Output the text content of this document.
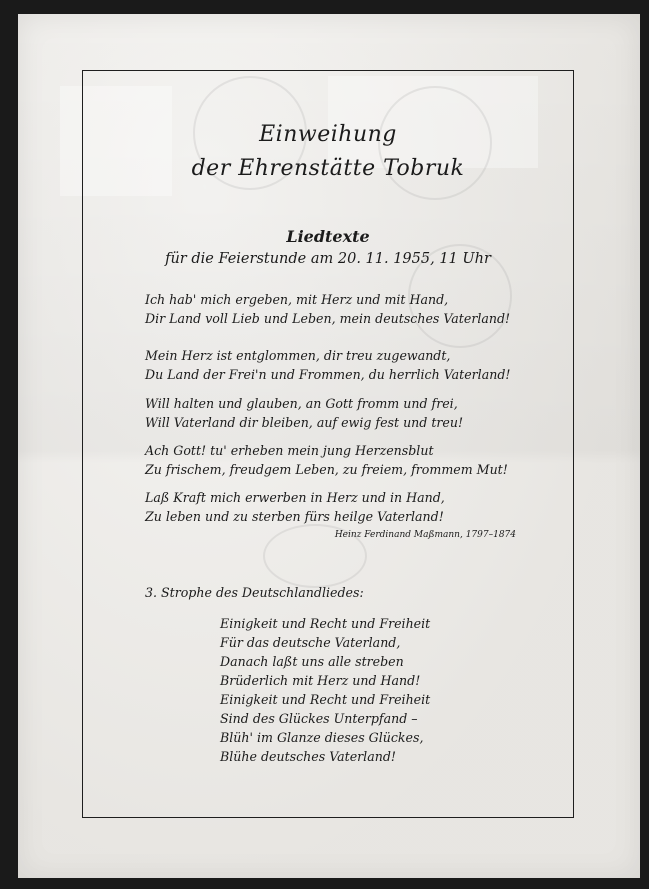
Einweihung
der Ehrenstätte Tobruk
Liedtexte
für die Feierstunde am 20. 11. 1955, 11 Uhr
Ich hab' mich ergeben, mit Herz und mit Hand,
Dir Land voll Lieb und Leben, mein deutsches Vaterland!
Mein Herz ist entglommen, dir treu zugewandt,
Du Land der Frei'n und Frommen, du herrlich Vaterland!
Will halten und glauben, an Gott fromm und frei,
Will Vaterland dir bleiben, auf ewig fest und treu!
Ach Gott! tu' erheben mein jung Herzensblut
Zu frischem, freudgem Leben, zu freiem, frommem Mut!
Laß Kraft mich erwerben in Herz und in Hand,
Zu leben und zu sterben fürs heilge Vaterland!
Heinz Ferdinand Maßmann, 1797–1874
3. Strophe des Deutschlandliedes:
Einigkeit und Recht und Freiheit
Für das deutsche Vaterland,
Danach laßt uns alle streben
Brüderlich mit Herz und Hand!
Einigkeit und Recht und Freiheit
Sind des Glückes Unterpfand –
Blüh' im Glanze dieses Glückes,
Blühe deutsches Vaterland!
